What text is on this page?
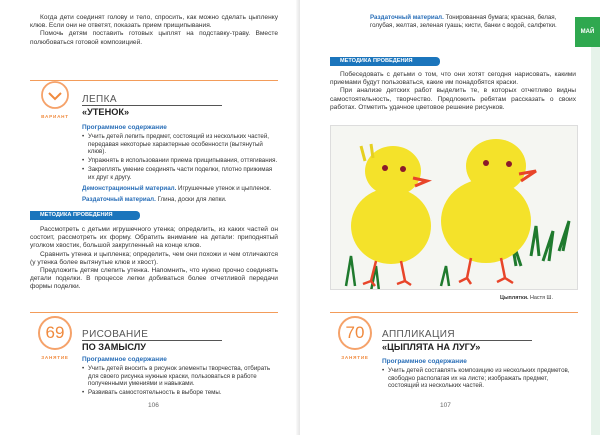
Когда дети соединят голову и тело, спросить, как можно сделать цыпленку клюв. Если они не ответят, показать прием прищипывания.

Помочь детям поставить готовых цыплят на подставку-траву. Вместе полюбоваться готовой композицией.

ВАРИАНТ
ЛЕПКА
«УТЕНОК»
Программное содержание
• Учить детей лепить предмет, состоящий из нескольких частей, передавая некоторые характерные особенности (вытянутый клюв).
• Упражнять в использовании приема прищипывания, оттягивания.
• Закреплять умение соединять части поделки, плотно прижимая их друг к другу.
Демонстрационный материал. Игрушечные утенок и цыпленок.
Раздаточный материал. Глина, доски для лепки.
МЕТОДИКА ПРОВЕДЕНИЯ

Рассмотреть с детьми игрушечного утенка; определить, из каких частей он состоит, рассмотреть их форму. Обратить внимание на детали: приподнятый уголком хвостик, большой закругленный на конце клюв.

Сравнить утенка и цыпленка; определить, чем они похожи и чем отличаются (у утенка более вытянутые клюв и хвост).

Предложить детям слепить утенка. Напомнить, что нужно прочно соединять детали поделки. В процессе лепки добиваться более отчетливой передачи формы поделки.

69
ЗАНЯТИЕ
РИСОВАНИЕ
ПО ЗАМЫСЛУ
Программное содержание
• Учить детей вносить в рисунок элементы творчества, отбирать для своего рисунка нужные краски, пользоваться в работе полученными умениями и навыками.
• Развивать самостоятельность в выборе темы.
106
Раздаточный материал. Тонированная бумага; красная, белая, голубая, желтая, зеленая гуашь; кисти, банки с водой, салфетки.
МЕТОДИКА ПРОВЕДЕНИЯ

Побеседовать с детьми о том, что они хотят сегодня нарисовать, какими приемами будут пользоваться, какие им понадобятся краски.

При анализе детских работ выделить те, в которых отчетливо видны самостоятельность, творчество. Предложить ребятам рассказать о своих работах. Отметить удачное цветовое решение рисунков.

Цыплятки. Настя Ш.
70
ЗАНЯТИЕ
АППЛИКАЦИЯ
«ЦЫПЛЯТА НА ЛУГУ»
Программное содержание
• Учить детей составлять композицию из нескольких предметов, свободно располагая их на листе; изображать предмет, состоящий из нескольких частей.
107
МАЙ
